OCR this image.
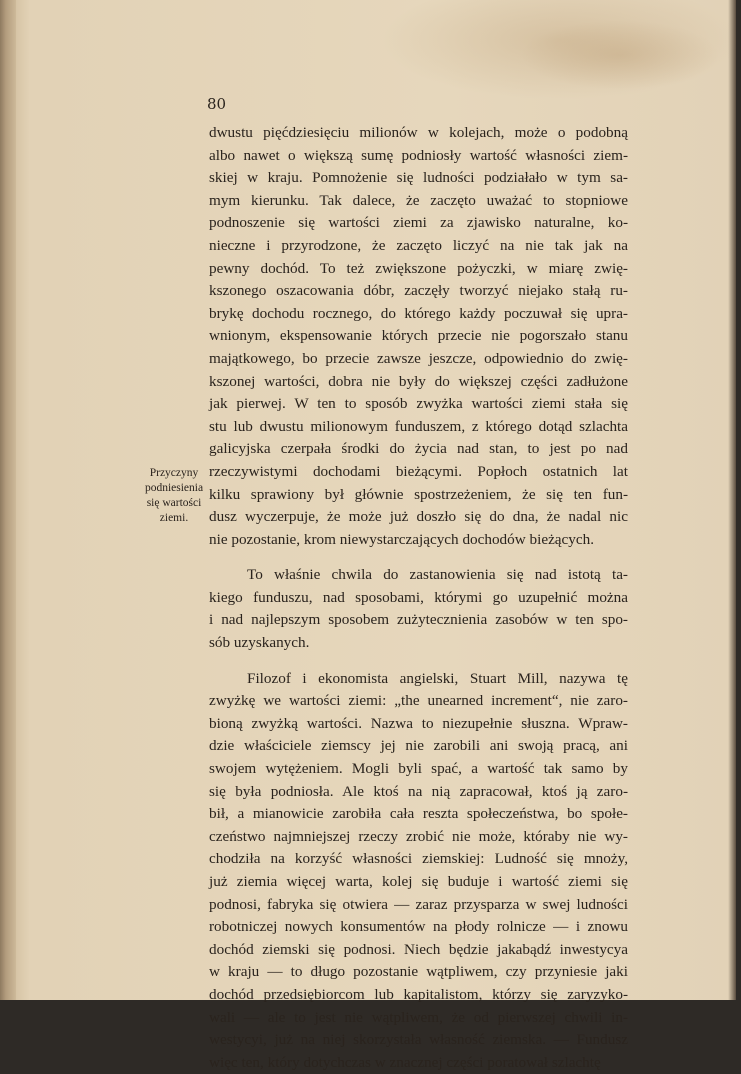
80
Przyczyny
podniesienia
się wartości
ziemi.
dwustu pięćdziesięciu milionów w kolejach, może o podobną
albo nawet o większą sumę podniosły wartość własności ziem-
skiej w kraju. Pomnożenie się ludności podziałało w tym sa-
mym kierunku. Tak dalece, że zaczęto uważać to stopniowe
podnoszenie się wartości ziemi za zjawisko naturalne, ko-
nieczne i przyrodzone, że zaczęto liczyć na nie tak jak na
pewny dochód. To też zwiększone pożyczki, w miarę zwię-
kszonego oszacowania dóbr, zaczęły tworzyć niejako stałą ru-
brykę dochodu rocznego, do którego każdy poczuwał się upra-
wnionym, ekspensowanie których przecie nie pogorszało stanu
majątkowego, bo przecie zawsze jeszcze, odpowiednio do zwię-
kszonej wartości, dobra nie były do większej części zadłużone
jak pierwej. W ten to sposób zwyżka wartości ziemi stała się
stu lub dwustu milionowym funduszem, z którego dotąd szlachta
galicyjska czerpała środki do życia nad stan, to jest po nad
rzeczywistymi dochodami bieżącymi. Popłoch ostatnich lat
kilku sprawiony był głównie spostrzeżeniem, że się ten fun-
dusz wyczerpuje, że może już doszło się do dna, że nadal nic
nie pozostanie, krom niewystarczających dochodów bieżących.
To właśnie chwila do zastanowienia się nad istotą ta-
kiego funduszu, nad sposobami, którymi go uzupełnić można
i nad najlepszym sposobem zużytecznienia zasobów w ten spo-
sób uzyskanych.
Filozof i ekonomista angielski, Stuart Mill, nazywa tę
zwyżkę we wartości ziemi: „the unearned increment“, nie zaro-
bioną zwyżką wartości. Nazwa to niezupełnie słuszna. Wpraw-
dzie właściciele ziemscy jej nie zarobili ani swoją pracą, ani
swojem wytężeniem. Mogli byli spać, a wartość tak samo by
się była podniosła. Ale ktoś na nią zapracował, ktoś ją zaro-
bił, a mianowicie zarobiła cała reszta społeczeństwa, bo społe-
czeństwo najmniejszej rzeczy zrobić nie może, któraby nie wy-
chodziła na korzyść własności ziemskiej: Ludność się mnoży,
już ziemia więcej warta, kolej się buduje i wartość ziemi się
podnosi, fabryka się otwiera — zaraz przysparza w swej ludności
robotniczej nowych konsumentów na płody rolnicze — i znowu
dochód ziemski się podnosi. Niech będzie jakabądź inwestycya
w kraju — to długo pozostanie wątpliwem, czy przyniesie jaki
dochód przedsiębiorcom lub kapitalistom, którzy się zaryzyko-
wali — ale to jest nie wątpliwem, że od pierwszej chwili in-
westycyi, już na niej skorzystała własność ziemska. — Fundusz
więc ten, który dotychczas w znacznej części poratował szlachtę
